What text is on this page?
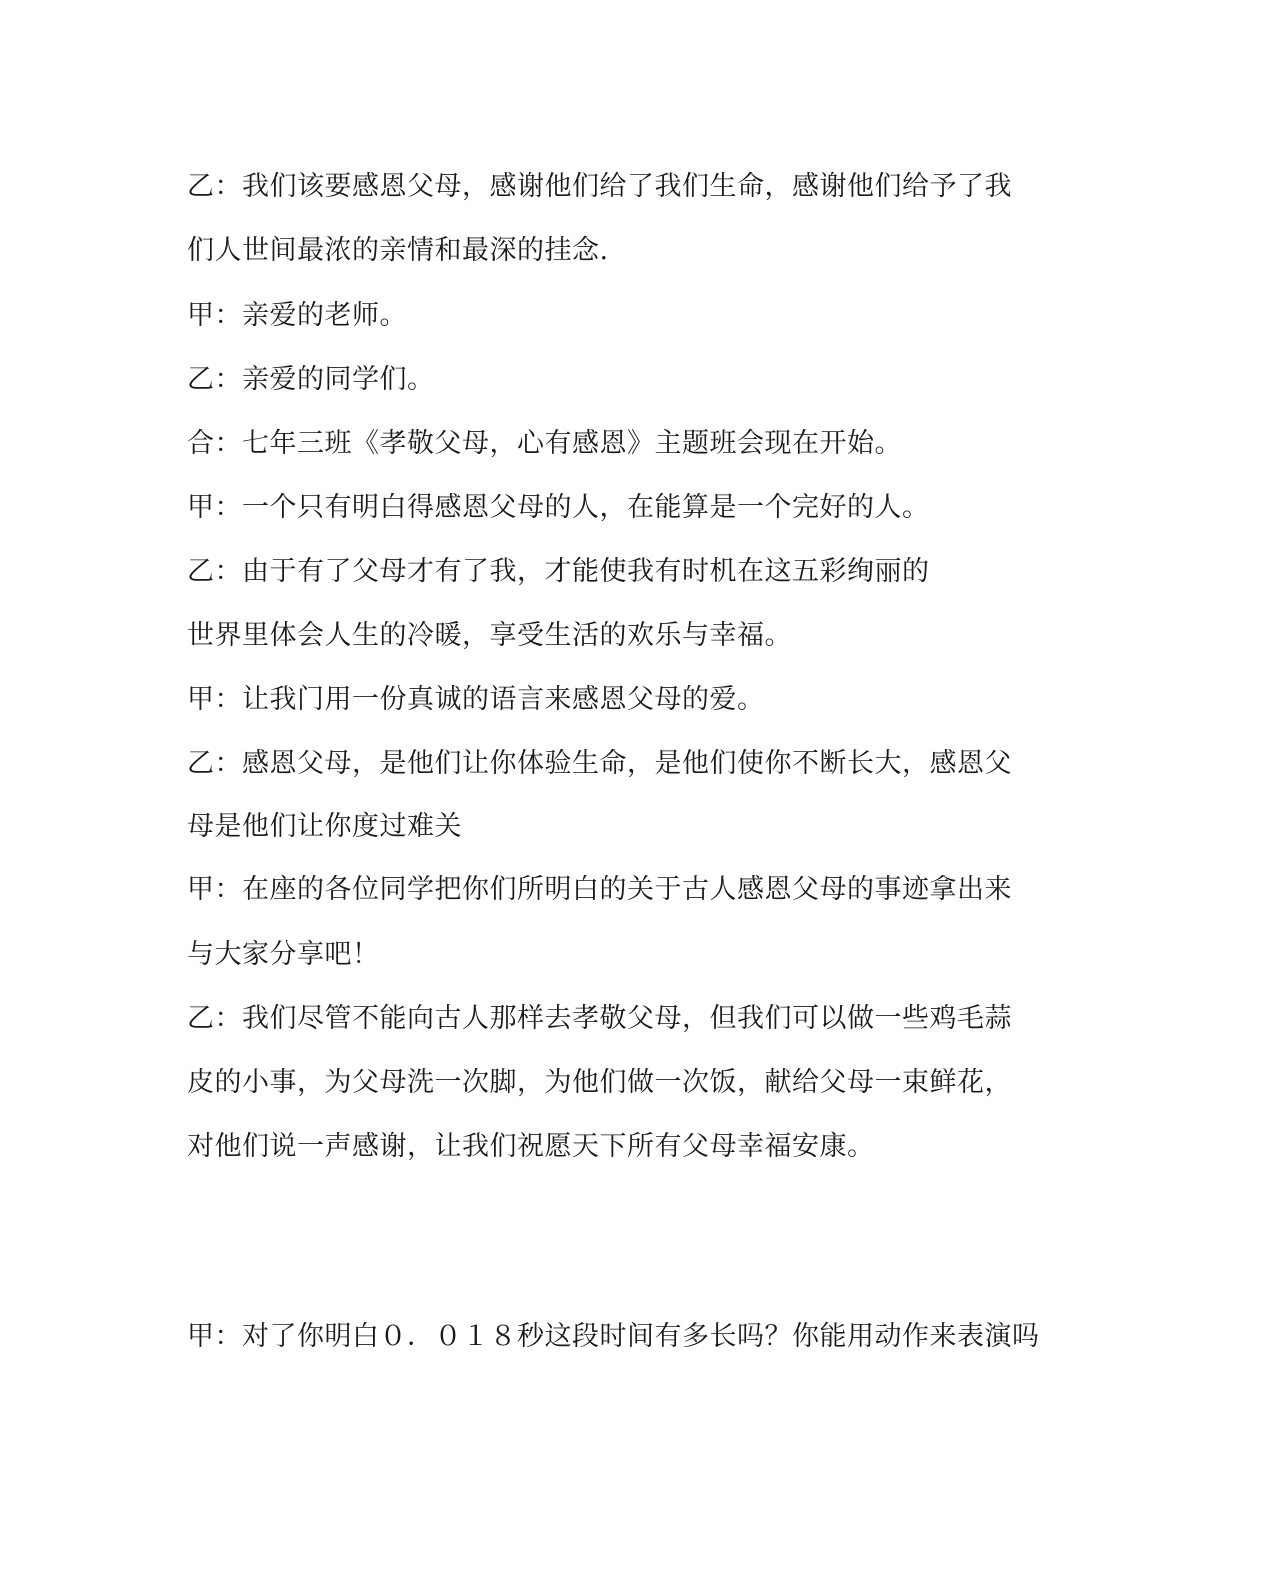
乙：我们该要感恩父母，感谢他们给了我们生命，感谢他们给予了我
们人世间最浓的亲情和最深的挂念.
甲：亲爱的老师。
乙：亲爱的同学们。
合：七年三班《孝敬父母，心有感恩》主题班会现在开始。
甲：一个只有明白得感恩父母的人，在能算是一个完好的人。
乙：由于有了父母才有了我，才能使我有时机在这五彩绚丽的
世界里体会人生的冷暖，享受生活的欢乐与幸福。
甲：让我门用一份真诚的语言来感恩父母的爱。
乙：感恩父母，是他们让你体验生命，是他们使你不断长大，感恩父
母是他们让你度过难关
甲：在座的各位同学把你们所明白的关于古人感恩父母的事迹拿出来
与大家分享吧！
乙：我们尽管不能向古人那样去孝敬父母，但我们可以做一些鸡毛蒜
皮的小事，为父母洗一次脚，为他们做一次饭，献给父母一束鲜花，
对他们说一声感谢，让我们祝愿天下所有父母幸福安康。
甲：对了你明白０．０１８秒这段时间有多长吗？你能用动作来表演吗
